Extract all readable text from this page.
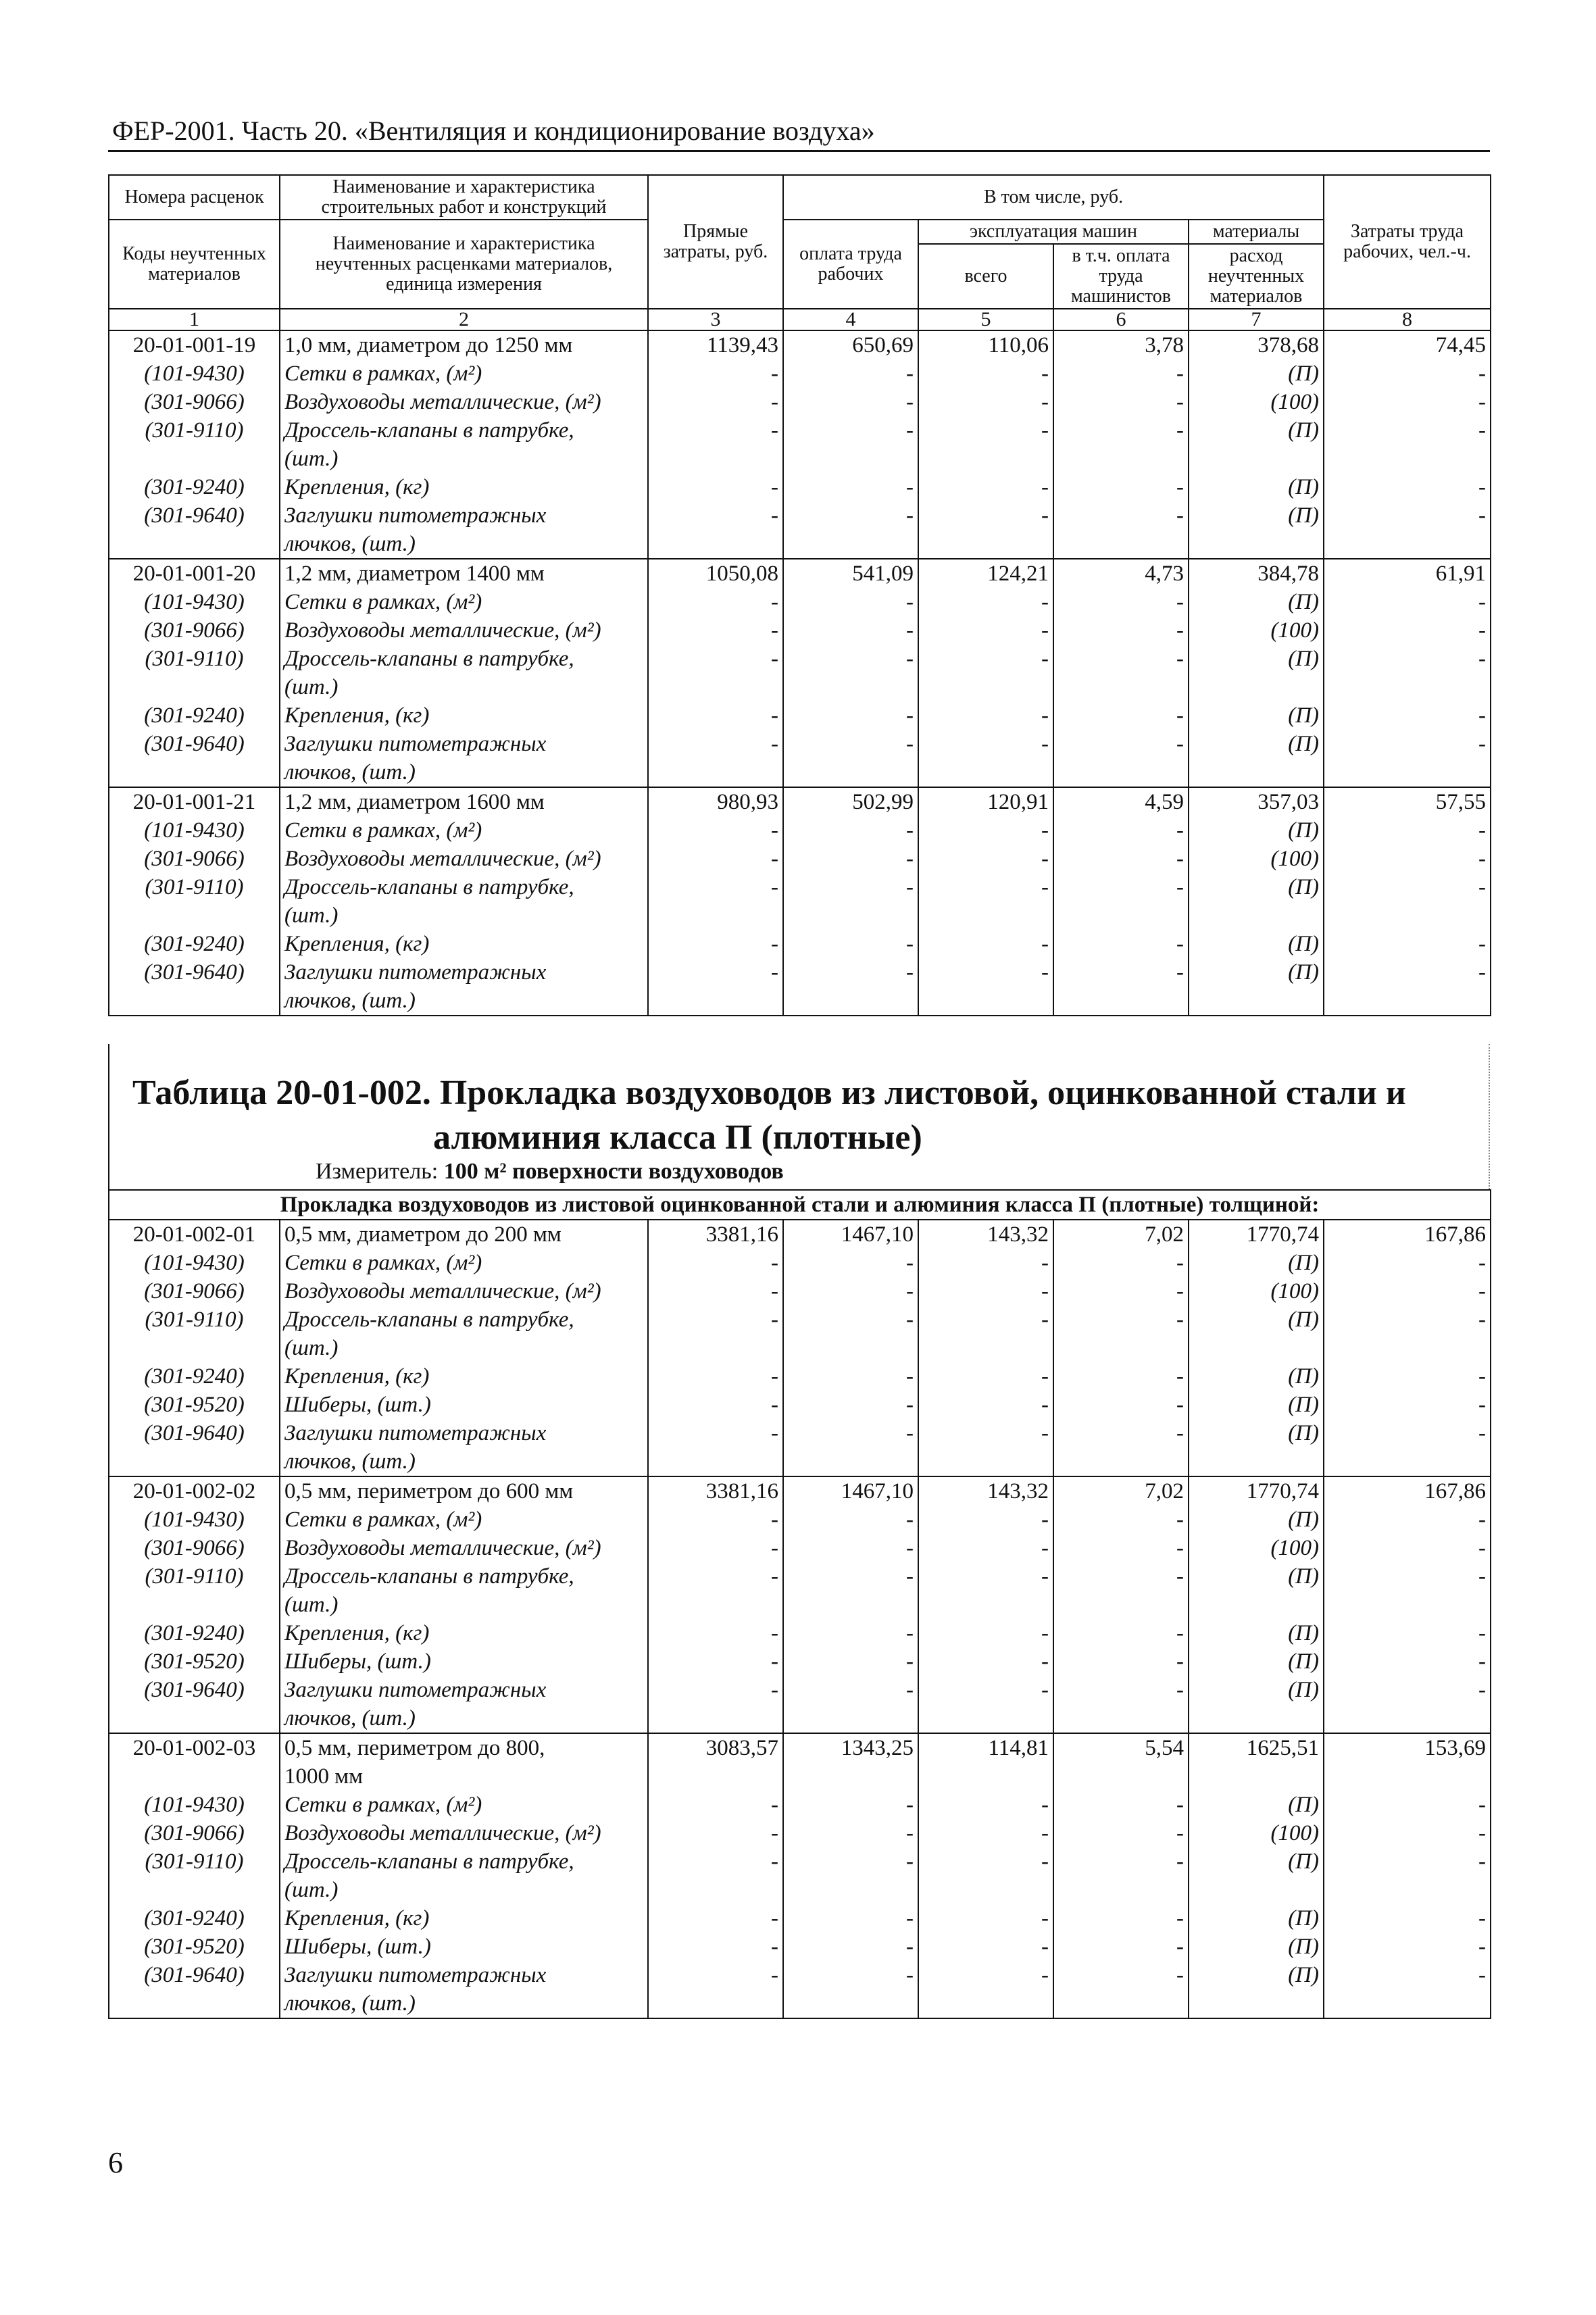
ФЕР-2001. Часть 20. «Вентиляция и кондиционирование воздуха»
Номера расценок	Наименование и характеристика строительных работ и конструкций	Прямые затраты, руб.	В том числе, руб.				Затраты труда рабочих, чел.-ч.
Коды неучтенных материалов	Наименование и характеристика неучтенных расценками материалов, единица измерения		оплата труда рабочих	эксплуатация машин		материалы	
				всего	в т.ч. оплата труда машинистов	расход неучтенных материалов	
1	2	3	4	5	6	7	8
20-01-001-19	1,0 мм, диаметром до 1250 мм	1139,43	650,69	110,06	3,78	378,68	74,45
(101-9430)	Сетки в рамках, (м²)	-	-	-	-	(П)	-
(301-9066)	Воздуховоды металлические, (м²)	-	-	-	-	(100)	-
(301-9110)	Дроссель-клапаны в патрубке,	-	-	-	-	(П)	-
	(шт.)						
(301-9240)	Крепления, (кг)	-	-	-	-	(П)	-
(301-9640)	Заглушки питометражных	-	-	-	-	(П)	-
	лючков, (шт.)						
20-01-001-20	1,2 мм, диаметром 1400 мм	1050,08	541,09	124,21	4,73	384,78	61,91
(101-9430)	Сетки в рамках, (м²)	-	-	-	-	(П)	-
(301-9066)	Воздуховоды металлические, (м²)	-	-	-	-	(100)	-
(301-9110)	Дроссель-клапаны в патрубке,	-	-	-	-	(П)	-
	(шт.)						
(301-9240)	Крепления, (кг)	-	-	-	-	(П)	-
(301-9640)	Заглушки питометражных	-	-	-	-	(П)	-
	лючков, (шт.)						
20-01-001-21	1,2 мм, диаметром 1600 мм	980,93	502,99	120,91	4,59	357,03	57,55
(101-9430)	Сетки в рамках, (м²)	-	-	-	-	(П)	-
(301-9066)	Воздуховоды металлические, (м²)	-	-	-	-	(100)	-
(301-9110)	Дроссель-клапаны в патрубке,	-	-	-	-	(П)	-
	(шт.)						
(301-9240)	Крепления, (кг)	-	-	-	-	(П)	-
(301-9640)	Заглушки питометражных	-	-	-	-	(П)	-
	лючков, (шт.)						
Таблица 20-01-002. Прокладка воздуховодов из листовой, оцинкованной стали и
алюминия класса П (плотные)
Измеритель: 100 м² поверхности воздуховодов
Прокладка воздуховодов из листовой оцинкованной стали и алюминия класса П (плотные) толщиной:							
20-01-002-01	0,5 мм, диаметром до 200 мм	3381,16	1467,10	143,32	7,02	1770,74	167,86
(101-9430)	Сетки в рамках, (м²)	-	-	-	-	(П)	-
(301-9066)	Воздуховоды металлические, (м²)	-	-	-	-	(100)	-
(301-9110)	Дроссель-клапаны в патрубке,	-	-	-	-	(П)	-
	(шт.)						
(301-9240)	Крепления, (кг)	-	-	-	-	(П)	-
(301-9520)	Шиберы, (шт.)	-	-	-	-	(П)	-
(301-9640)	Заглушки питометражных	-	-	-	-	(П)	-
	лючков, (шт.)						
20-01-002-02	0,5 мм, периметром до 600 мм	3381,16	1467,10	143,32	7,02	1770,74	167,86
(101-9430)	Сетки в рамках, (м²)	-	-	-	-	(П)	-
(301-9066)	Воздуховоды металлические, (м²)	-	-	-	-	(100)	-
(301-9110)	Дроссель-клапаны в патрубке,	-	-	-	-	(П)	-
	(шт.)						
(301-9240)	Крепления, (кг)	-	-	-	-	(П)	-
(301-9520)	Шиберы, (шт.)	-	-	-	-	(П)	-
(301-9640)	Заглушки питометражных	-	-	-	-	(П)	-
	лючков, (шт.)						
20-01-002-03	0,5 мм, периметром до 800,	3083,57	1343,25	114,81	5,54	1625,51	153,69
	1000 мм						
(101-9430)	Сетки в рамках, (м²)	-	-	-	-	(П)	-
(301-9066)	Воздуховоды металлические, (м²)	-	-	-	-	(100)	-
(301-9110)	Дроссель-клапаны в патрубке,	-	-	-	-	(П)	-
	(шт.)						
(301-9240)	Крепления, (кг)	-	-	-	-	(П)	-
(301-9520)	Шиберы, (шт.)	-	-	-	-	(П)	-
(301-9640)	Заглушки питометражных	-	-	-	-	(П)	-
	лючков, (шт.)						
6
